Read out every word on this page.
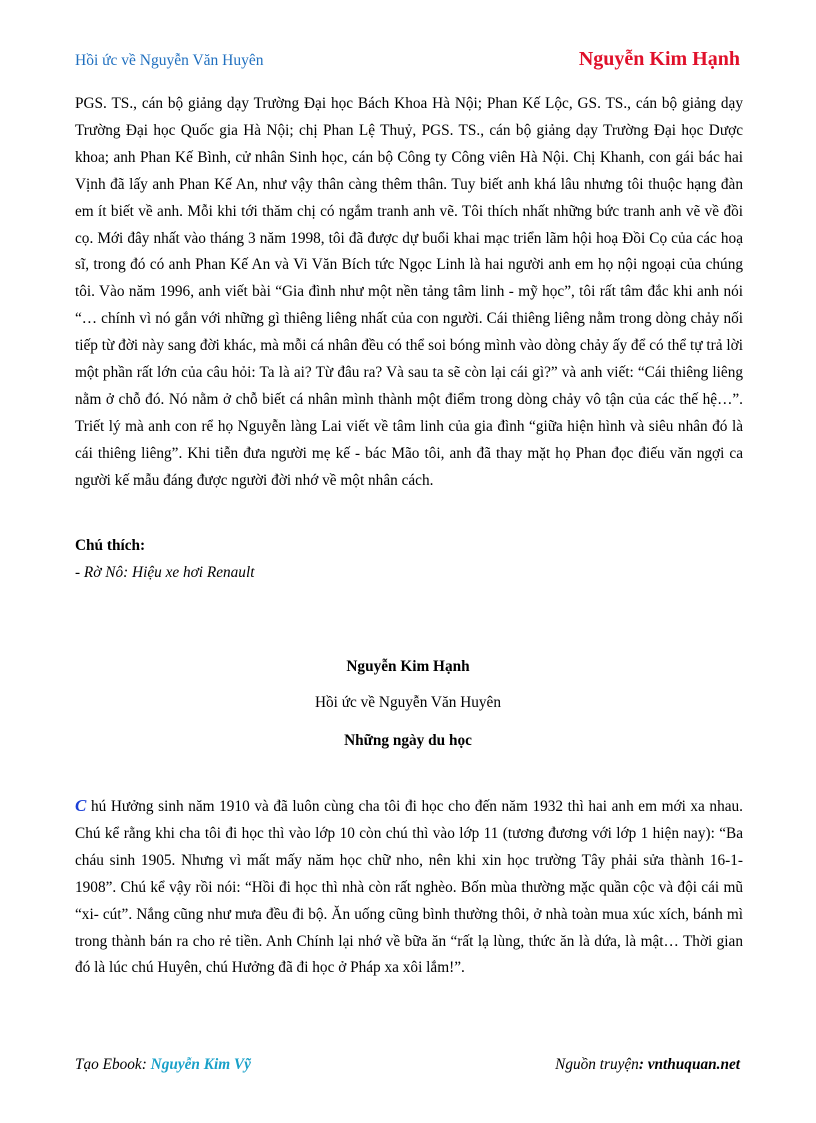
Hồi ức về Nguyễn Văn Huyên	Nguyễn Kim Hạnh
PGS. TS., cán bộ giảng dạy Trường Đại học Bách Khoa Hà Nội; Phan Kế Lộc, GS. TS., cán bộ giảng dạy Trường Đại học Quốc gia Hà Nội; chị Phan Lệ Thuỷ, PGS. TS., cán bộ giảng dạy Trường Đại học Dược khoa; anh Phan Kế Bình, cử nhân Sinh học, cán bộ Công ty Công viên Hà Nội. Chị Khanh, con gái bác hai Vịnh đã lấy anh Phan Kế An, như vậy thân càng thêm thân. Tuy biết anh khá lâu nhưng tôi thuộc hạng đàn em ít biết về anh. Mỗi khi tới thăm chị có ngắm tranh anh vẽ. Tôi thích nhất những bức tranh anh vẽ về đồi cọ. Mới đây nhất vào tháng 3 năm 1998, tôi đã được dự buổi khai mạc triển lãm hội hoạ Đồi Cọ của các hoạ sĩ, trong đó có anh Phan Kế An và Vi Văn Bích tức Ngọc Linh là hai người anh em họ nội ngoại của chúng tôi. Vào năm 1996, anh viết bài “Gia đình như một nền tảng tâm linh - mỹ học”, tôi rất tâm đắc khi anh nói “… chính vì nó gắn với những gì thiêng liêng nhất của con người. Cái thiêng liêng nằm trong dòng chảy nối tiếp từ đời này sang đời khác, mà mỗi cá nhân đều có thể soi bóng mình vào dòng chảy ấy để có thể tự trả lời một phần rất lớn của câu hỏi: Ta là ai? Từ đâu ra? Và sau ta sẽ còn lại cái gì?” và anh viết: “Cái thiêng liêng nằm ở chỗ đó. Nó nằm ở chỗ biết cá nhân mình thành một điểm trong dòng chảy vô tận của các thế hệ…”. Triết lý mà anh con rể họ Nguyễn làng Lai viết về tâm linh của gia đình “giữa hiện hình và siêu nhân đó là cái thiêng liêng”. Khi tiễn đưa người mẹ kế - bác Mão tôi, anh đã thay mặt họ Phan đọc điếu văn ngợi ca người kế mẫu đáng được người đời nhớ về một nhân cách.
Chú thích:
- Rờ Nô: Hiệu xe hơi Renault
Nguyễn Kim Hạnh
Hồi ức về Nguyễn Văn Huyên
Những ngày du học
C hú Hưởng sinh năm 1910 và đã luôn cùng cha tôi đi học cho đến năm 1932 thì hai anh em mới xa nhau. Chú kể rằng khi cha tôi đi học thì vào lớp 10 còn chú thì vào lớp 11 (tương đương với lớp 1 hiện nay): “Ba cháu sinh 1905. Nhưng vì mất mấy năm học chữ nho, nên khi xin học trường Tây phải sửa thành 16-1-1908”. Chú kể vậy rồi nói: “Hồi đi học thì nhà còn rất nghèo. Bốn mùa thường mặc quần cộc và đội cái mũ “xi- cút”. Nắng cũng như mưa đều đi bộ. Ăn uống cũng bình thường thôi, ở nhà toàn mua xúc xích, bánh mì trong thành bán ra cho rẻ tiền. Anh Chính lại nhớ về bữa ăn “rất lạ lùng, thức ăn là dứa, là mật… Thời gian đó là lúc chú Huyên, chú Hưởng đã đi học ở Pháp xa xôi lắm!”.
Tạo Ebook: Nguyễn Kim Vỹ	Nguồn truyện: vnthuquan.net
